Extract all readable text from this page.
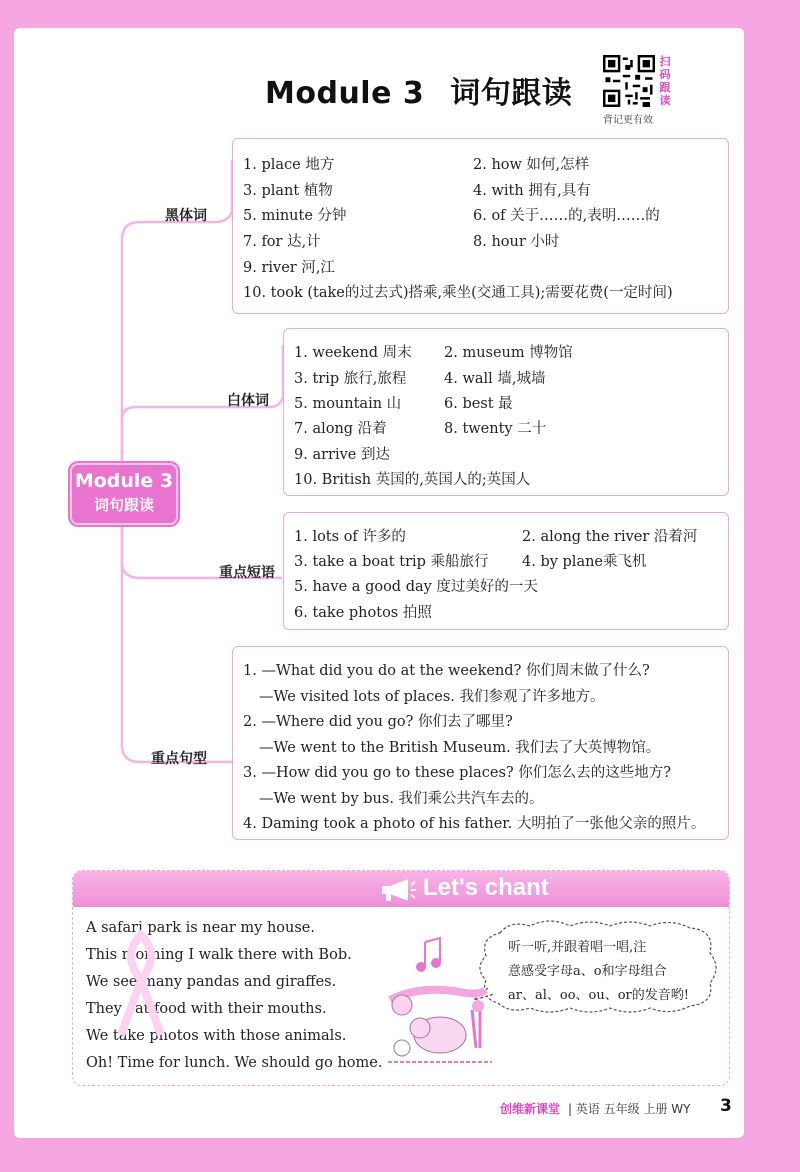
Module 3 词句跟读
扫码跟读
背记更有效
Module 3
词句跟读
黑体词
白体词
重点短语
重点句型
1. place 地方	2. how 如何,怎样
3. plant 植物	4. with 拥有,具有
5. minute 分钟	6. of 关于……的,表明……的
7. for 达,计	8. hour 小时
9. river 河,江
10. took (take的过去式)搭乘,乘坐(交通工具);需要花费(一定时间)
1. weekend 周末 2. museum 博物馆
3. trip 旅行,旅程	4. wall 墙,城墙
5. mountain 山	6. best 最
7. along 沿着	8. twenty 二十
9. arrive 到达
10. British 英国的,英国人的;英国人
1. lots of 许多的	2. along the river 沿着河
3. take a boat trip 乘船旅行 4. by plane乘飞机
5. have a good day 度过美好的一天
6. take photos 拍照
1. —What did you do at the weekend? 你们周末做了什么?
—We visited lots of places. 我们参观了许多地方。
2. —Where did you go? 你们去了哪里?
—We went to the British Museum. 我们去了大英博物馆。
3. —How did you go to these places? 你们怎么去的这些地方?
—We went by bus. 我们乘公共汽车去的。
4. Daming took a photo of his father. 大明拍了一张他父亲的照片。
Let's chant
A safari park is near my house.
This morning I walk there with Bob.
We see many pandas and giraffes.
They eat food with their mouths.
We take photos with those animals.
Oh! Time for lunch. We should go home.
听一听,并跟着唱一唱,注
意感受字母a、o和字母组合
ar、al、oo、ou、or的发音哟!
创维新课堂 | 英语 五年级 上册 WY 3
